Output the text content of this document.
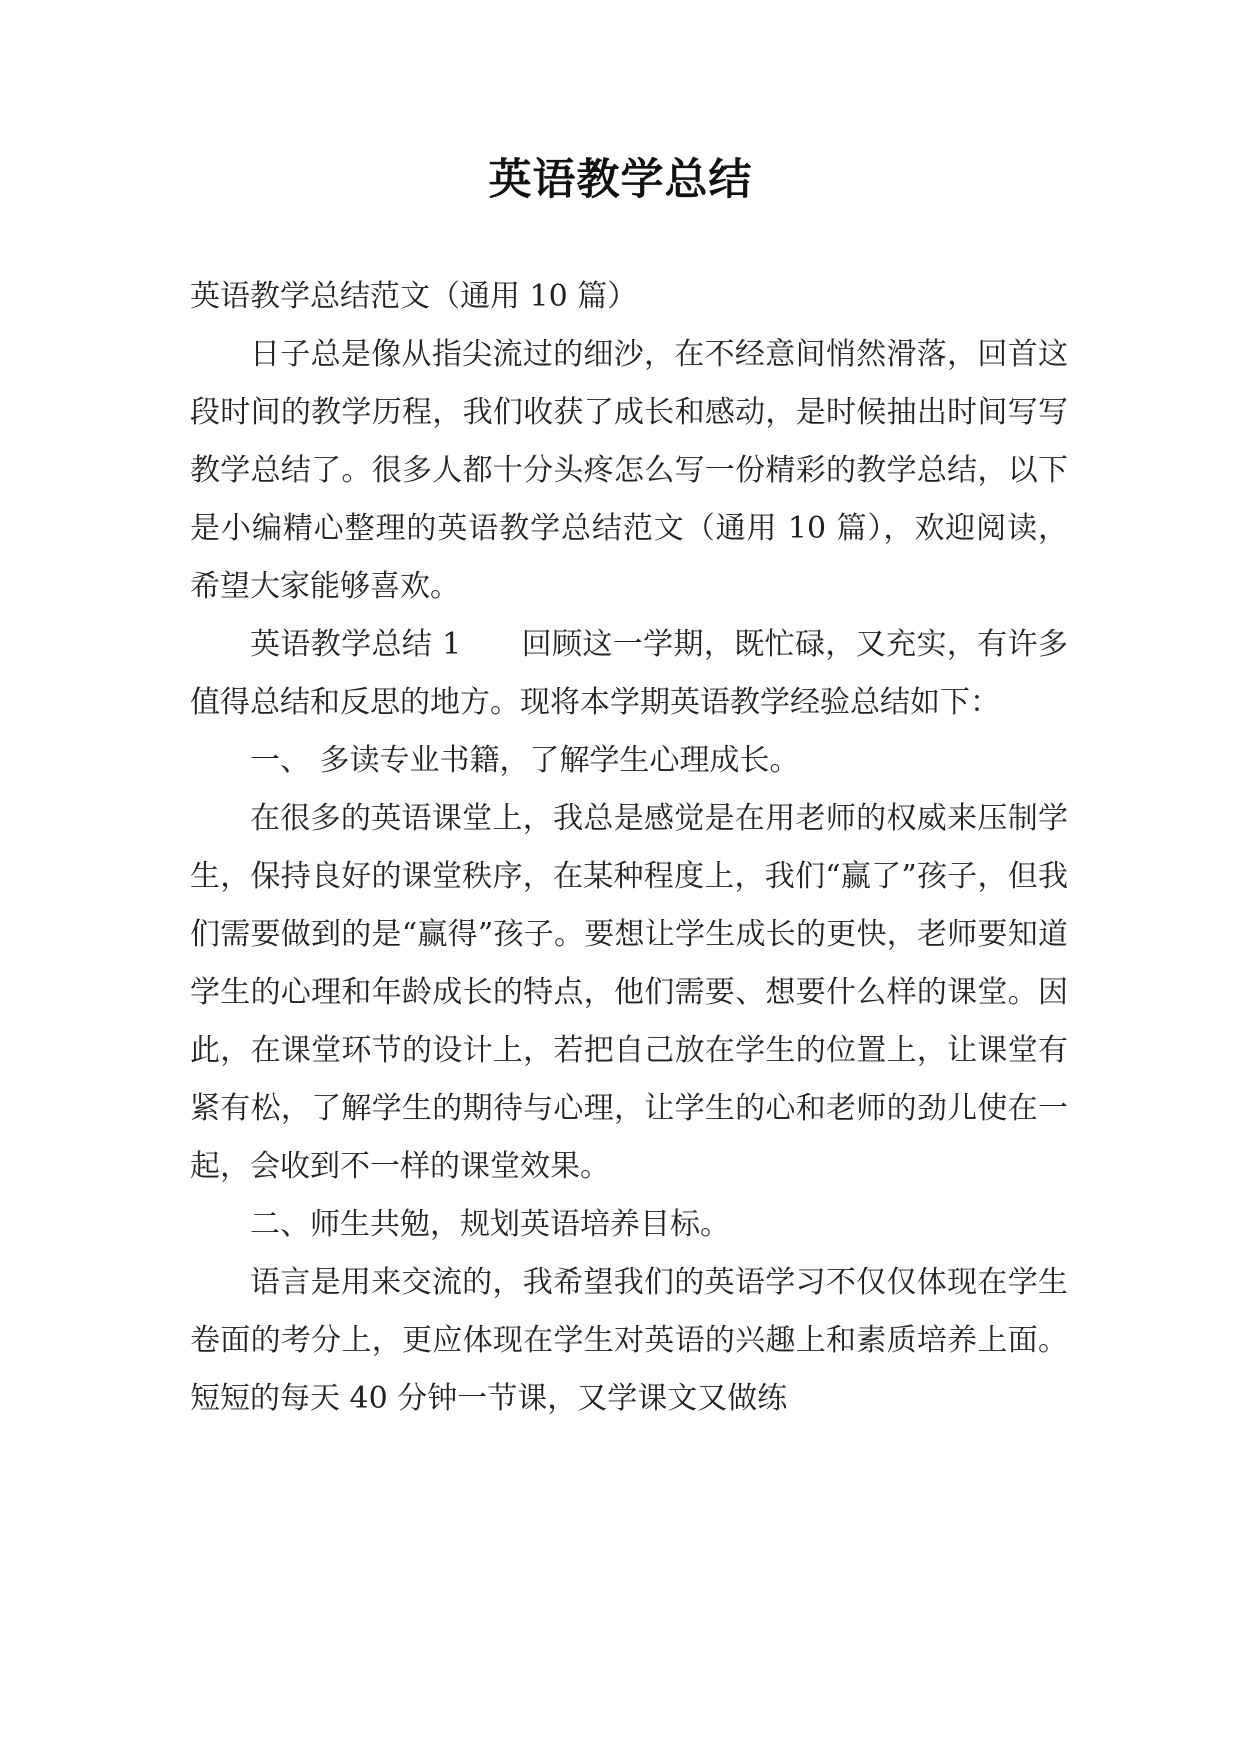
英语教学总结

英语教学总结范文（通用 10 篇）

日子总是像从指尖流过的细沙，在不经意间悄然滑落，回首这段时间的教学历程，我们收获了成长和感动，是时候抽出时间写写教学总结了。很多人都十分头疼怎么写一份精彩的教学总结，以下是小编精心整理的英语教学总结范文（通用 10 篇），欢迎阅读，希望大家能够喜欢。

英语教学总结 1 回顾这一学期，既忙碌，又充实，有许多值得总结和反思的地方。现将本学期英语教学经验总结如下：

一、 多读专业书籍，了解学生心理成长。

在很多的英语课堂上，我总是感觉是在用老师的权威来压制学生，保持良好的课堂秩序，在某种程度上，我们“赢了”孩子，但我们需要做到的是“赢得”孩子。要想让学生成长的更快，老师要知道学生的心理和年龄成长的特点，他们需要、想要什么样的课堂。因此，在课堂环节的设计上，若把自己放在学生的位置上，让课堂有紧有松，了解学生的期待与心理，让学生的心和老师的劲儿使在一起，会收到不一样的课堂效果。

二、师生共勉，规划英语培养目标。

语言是用来交流的，我希望我们的英语学习不仅仅体现在学生卷面的考分上，更应体现在学生对英语的兴趣上和素质培养上面。短短的每天 40 分钟一节课，又学课文又做练
